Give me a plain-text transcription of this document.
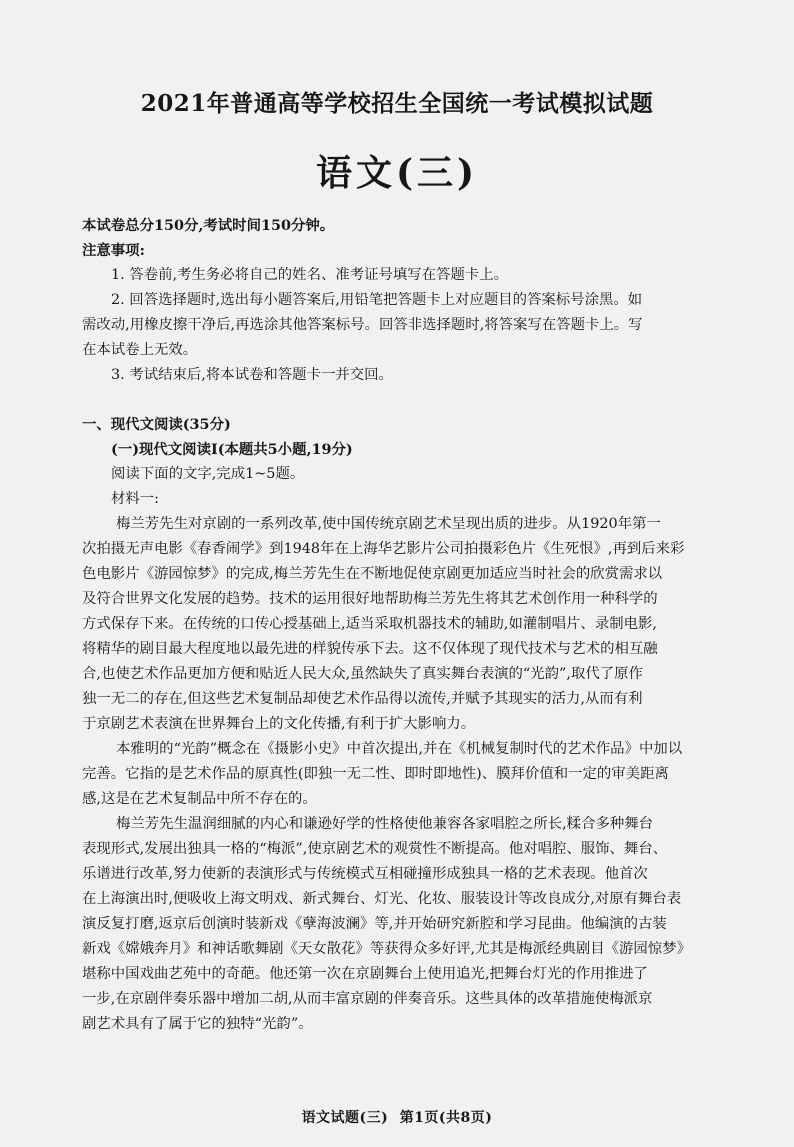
2021年普通高等学校招生全国统一考试模拟试题
语文(三)
本试卷总分150分,考试时间150分钟。
注意事项:
1. 答卷前,考生务必将自己的姓名、准考证号填写在答题卡上。
2. 回答选择题时,选出每小题答案后,用铅笔把答题卡上对应题目的答案标号涂黑。如
需改动,用橡皮擦干净后,再选涂其他答案标号。回答非选择题时,将答案写在答题卡上。写
在本试卷上无效。
3. 考试结束后,将本试卷和答题卡一并交回。
一、现代文阅读(35分)
(一)现代文阅读Ⅰ(本题共5小题,19分)
阅读下面的文字,完成1~5题。
材料一:
梅兰芳先生对京剧的一系列改革,使中国传统京剧艺术呈现出质的进步。从1920年第一
次拍摄无声电影《春香闹学》到1948年在上海华艺影片公司拍摄彩色片《生死恨》,再到后来彩
色电影片《游园惊梦》的完成,梅兰芳先生在不断地促使京剧更加适应当时社会的欣赏需求以
及符合世界文化发展的趋势。技术的运用很好地帮助梅兰芳先生将其艺术创作用一种科学的
方式保存下来。在传统的口传心授基础上,适当采取机器技术的辅助,如灌制唱片、录制电影,
将精华的剧目最大程度地以最先进的样貌传承下去。这不仅体现了现代技术与艺术的相互融
合,也使艺术作品更加方便和贴近人民大众,虽然缺失了真实舞台表演的“光韵”,取代了原作
独一无二的存在,但这些艺术复制品却使艺术作品得以流传,并赋予其现实的活力,从而有利
于京剧艺术表演在世界舞台上的文化传播,有利于扩大影响力。
本雅明的“光韵”概念在《摄影小史》中首次提出,并在《机械复制时代的艺术作品》中加以
完善。它指的是艺术作品的原真性(即独一无二性、即时即地性)、膜拜价值和一定的审美距离
感,这是在艺术复制品中所不存在的。
梅兰芳先生温润细腻的内心和谦逊好学的性格使他兼容各家唱腔之所长,糅合多种舞台
表现形式,发展出独具一格的“梅派”,使京剧艺术的观赏性不断提高。他对唱腔、服饰、舞台、
乐谱进行改革,努力使新的表演形式与传统模式互相碰撞形成独具一格的艺术表现。他首次
在上海演出时,便吸收上海文明戏、新式舞台、灯光、化妆、服装设计等改良成分,对原有舞台表
演反复打磨,返京后创演时装新戏《孽海波澜》等,并开始研究新腔和学习昆曲。他编演的古装
新戏《嫦娥奔月》和神话歌舞剧《天女散花》等获得众多好评,尤其是梅派经典剧目《游园惊梦》
堪称中国戏曲艺苑中的奇葩。他还第一次在京剧舞台上使用追光,把舞台灯光的作用推进了
一步,在京剧伴奏乐器中增加二胡,从而丰富京剧的伴奏音乐。这些具体的改革措施使梅派京
剧艺术具有了属于它的独特“光韵”。
语文试题(三) 第1页(共8页)
